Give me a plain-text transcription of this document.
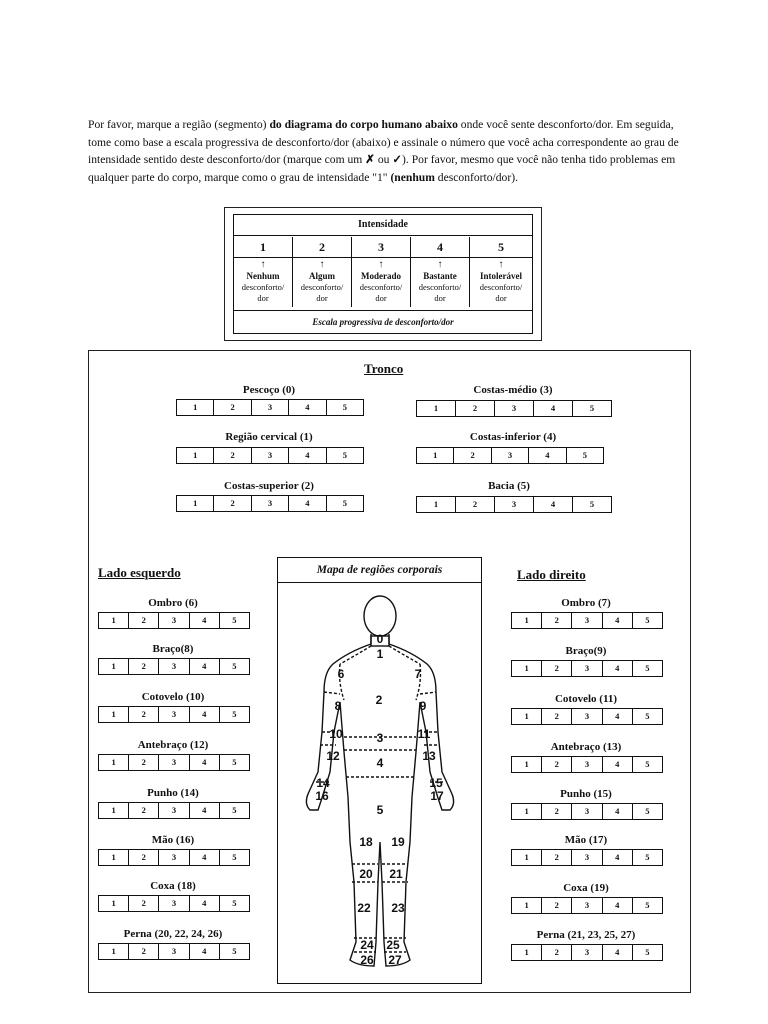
Por favor, marque a região (segmento) do diagrama do corpo humano abaixo onde você sente desconforto/dor. Em seguida, tome como base a escala progressiva de desconforto/dor (abaixo) e assinale o número que você acha correspondente ao grau de intensidade sentido deste desconforto/dor (marque com um ✗ ou ✓). Por favor, mesmo que você não tenha tido problemas em qualquer parte do corpo, marque como o grau de intensidade "1" (nenhum desconforto/dor).
Intensidade
1
↑
Nenhum
desconforto/
dor
2
↑
Algum
desconforto/
dor
3
↑
Moderado
desconforto/
dor
4
↑
Bastante
desconforto/
dor
5
↑
Intolerável
desconforto/
dor
Escala progressiva de desconforto/dor
Tronco
Pescoço (0)
1	2	3	4	5
Região cervical (1)
1	2	3	4	5
Costas-superior (2)
1	2	3	4	5
Costas-médio (3)
1	2	3	4	5
Costas-inferior (4)
1	2	3	4	5
Bacia (5)
1	2	3	4	5
Lado esquerdo
Ombro (6)
1	2	3	4	5
Braço(8)
1	2	3	4	5
Cotovelo (10)
1	2	3	4	5
Antebraço (12)
1	2	3	4	5
Punho (14)
1	2	3	4	5
Mão (16)
1	2	3	4	5
Coxa (18)
1	2	3	4	5
Perna (20, 22, 24, 26)
1	2	3	4	5
Lado direito
Ombro (7)
1	2	3	4	5
Braço(9)
1	2	3	4	5
Cotovelo (11)
1	2	3	4	5
Antebraço (13)
1	2	3	4	5
Punho (15)
1	2	3	4	5
Mão (17)
1	2	3	4	5
Coxa (19)
1	2	3	4	5
Perna (21, 23, 25, 27)
1	2	3	4	5
Mapa de regiões corporais
0
1
2
3
4
5
6	7
8	9
10	11
12	13
14	15
16	17
18 19
20 21
22 23
24 25
26 27
